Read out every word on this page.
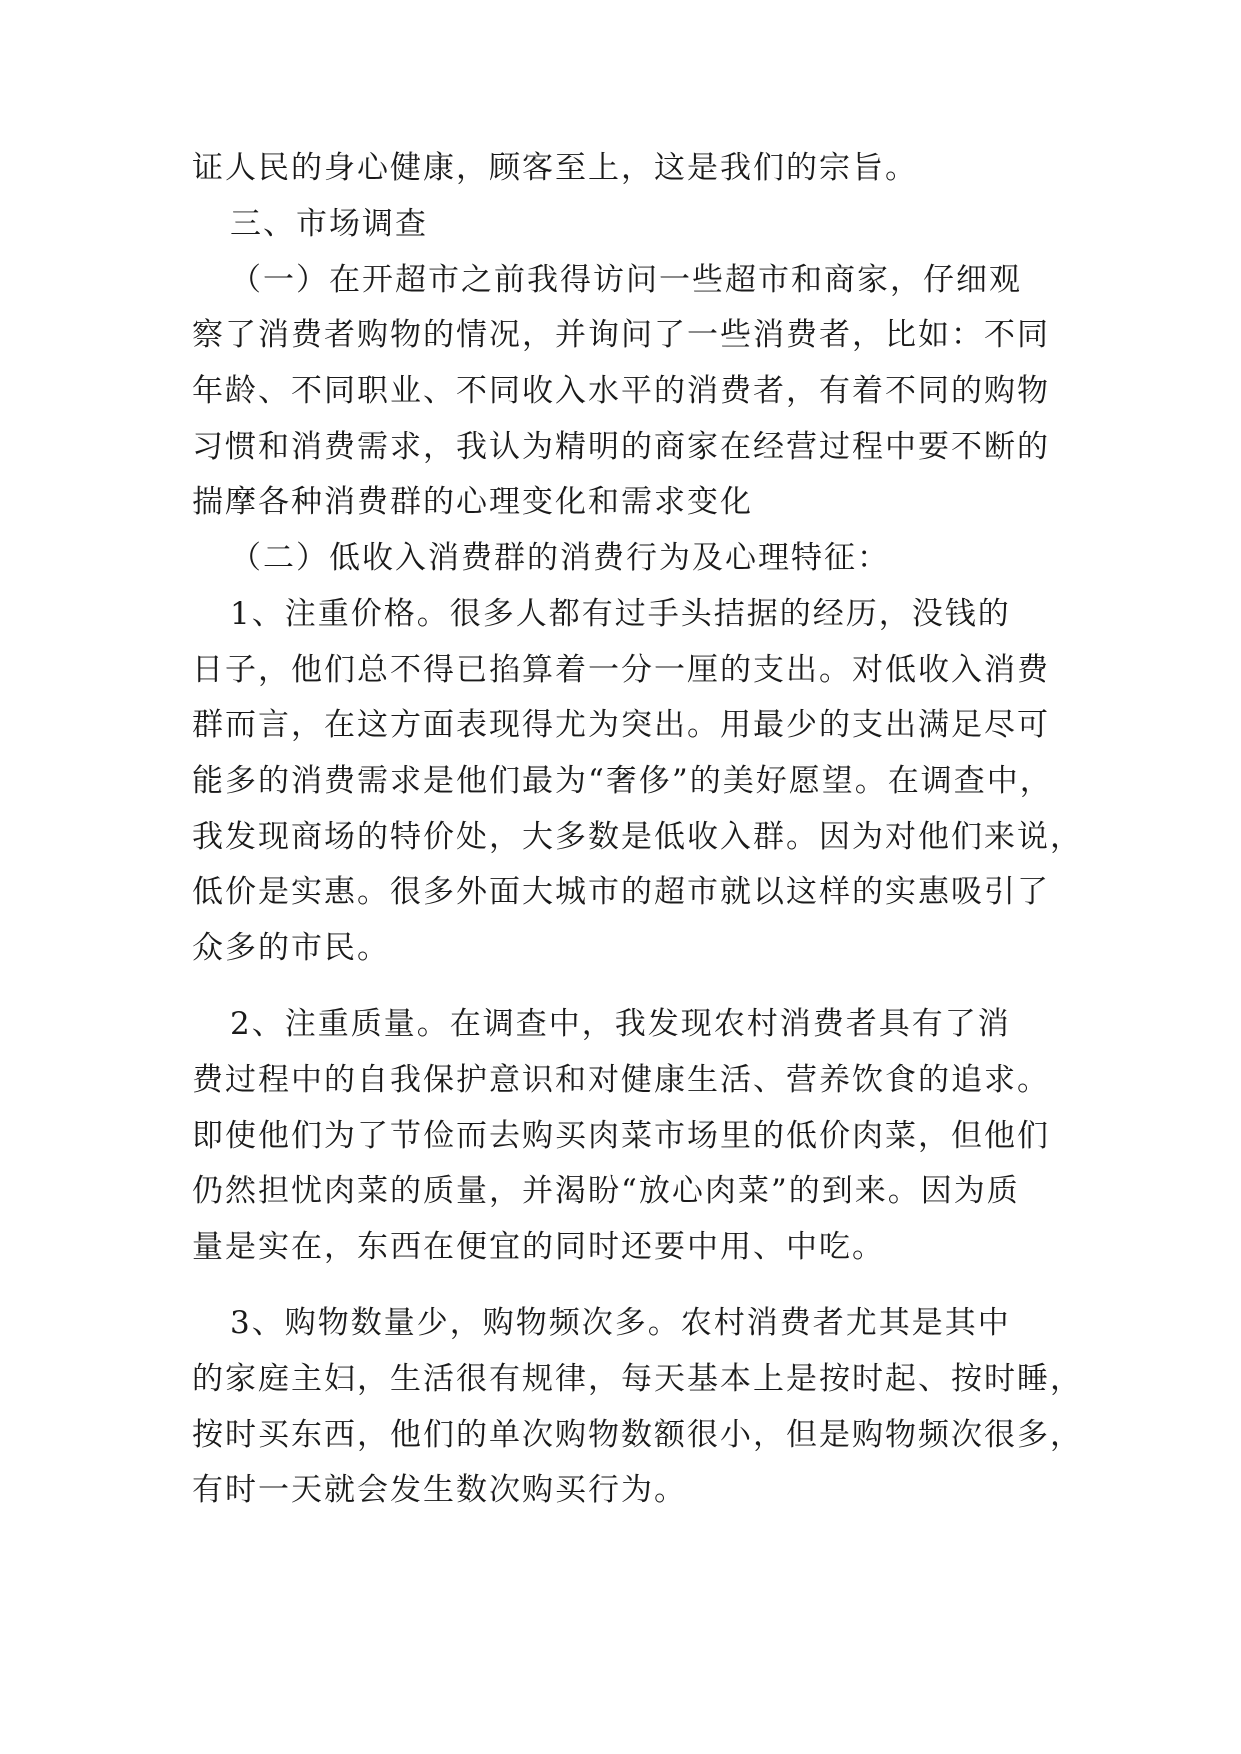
证人民的身心健康，顾客至上，这是我们的宗旨。

三、市场调查

（一）在开超市之前我得访问一些超市和商家，仔细观

察了消费者购物的情况，并询问了一些消费者，比如：不同

年龄、不同职业、不同收入水平的消费者，有着不同的购物

习惯和消费需求，我认为精明的商家在经营过程中要不断的

揣摩各种消费群的心理变化和需求变化

（二）低收入消费群的消费行为及心理特征：

1、注重价格。很多人都有过手头拮据的经历，没钱的

日子，他们总不得已掐算着一分一厘的支出。对低收入消费

群而言，在这方面表现得尤为突出。用最少的支出满足尽可

能多的消费需求是他们最为“奢侈”的美好愿望。在调查中，

我发现商场的特价处，大多数是低收入群。因为对他们来说，

低价是实惠。很多外面大城市的超市就以这样的实惠吸引了

众多的市民。

2、注重质量。在调查中，我发现农村消费者具有了消

费过程中的自我保护意识和对健康生活、营养饮食的追求。

即使他们为了节俭而去购买肉菜市场里的低价肉菜，但他们

仍然担忧肉菜的质量，并渴盼“放心肉菜”的到来。因为质

量是实在，东西在便宜的同时还要中用、中吃。

3、购物数量少，购物频次多。农村消费者尤其是其中

的家庭主妇，生活很有规律，每天基本上是按时起、按时睡，

按时买东西，他们的单次购物数额很小，但是购物频次很多，

有时一天就会发生数次购买行为。
